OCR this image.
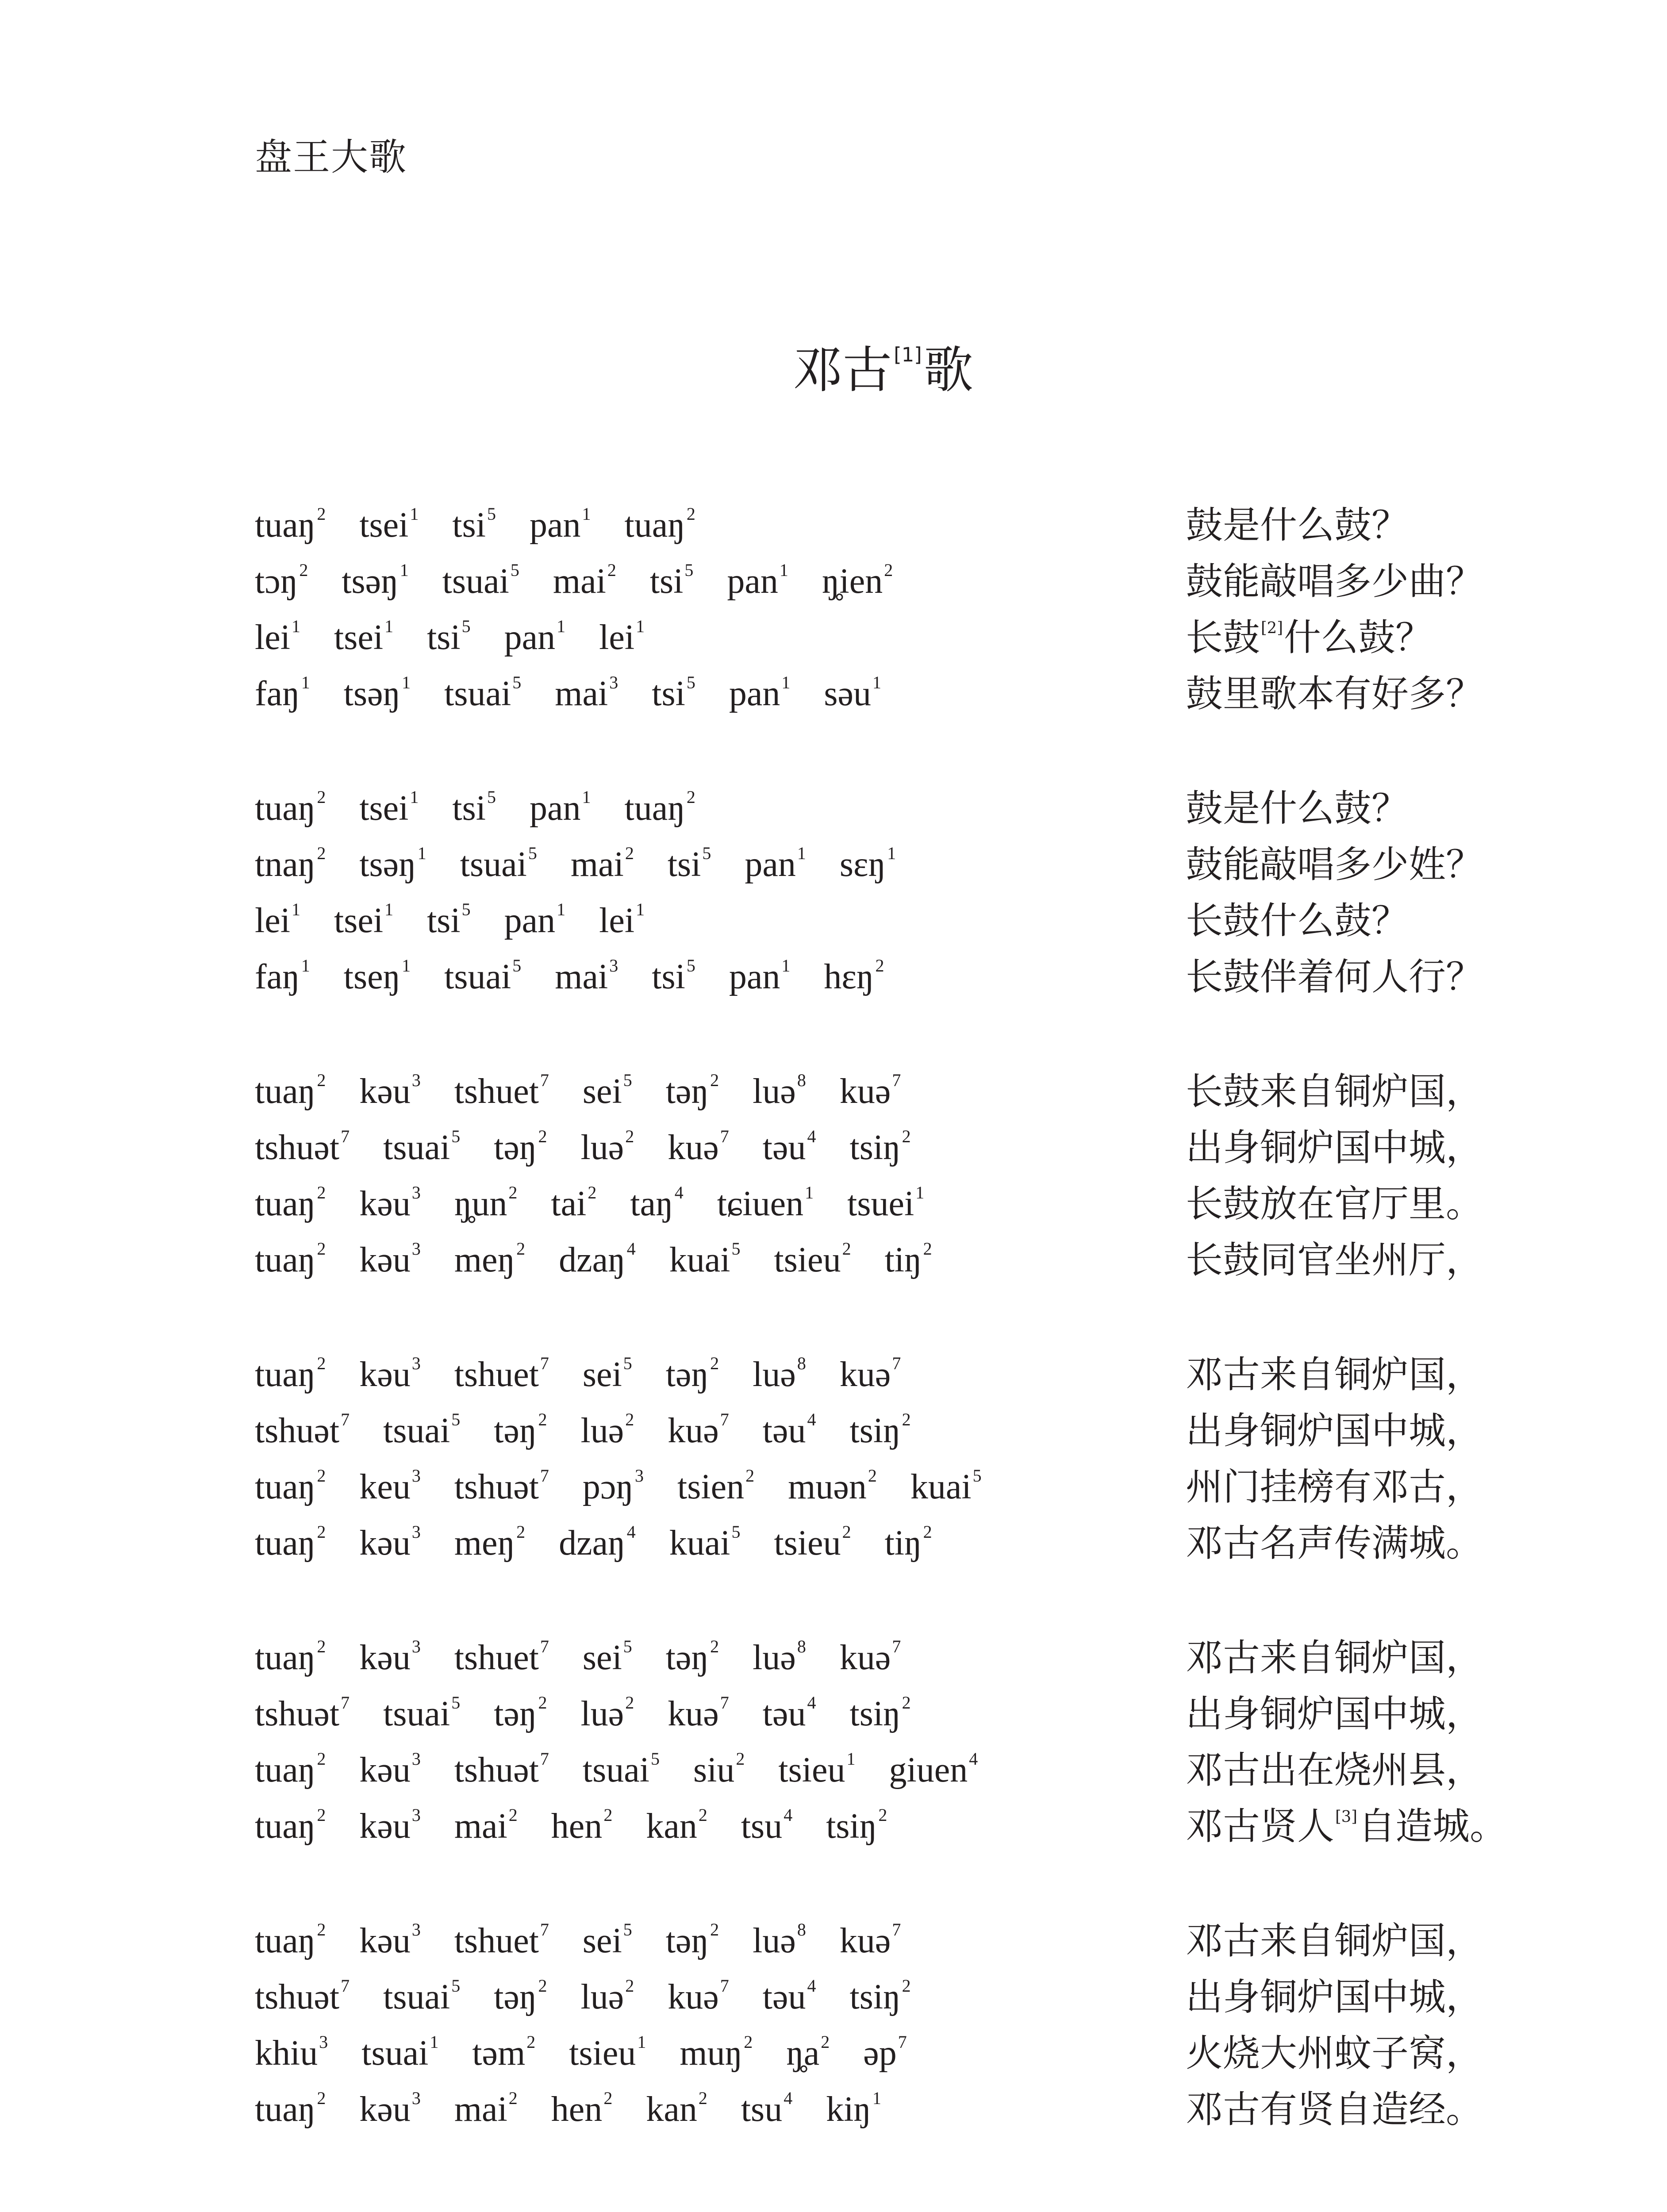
盘王大歌
邓古[1]歌
tuaŋ$^2$ tsei$^1$ tsi$^5$ pan$^1$ tuaŋ$^2$	鼓是什么鼓？
tɔŋ$^2$ tsəŋ$^1$ tsuai$^5$ mai$^2$ tsi$^5$ pan$^1$ ŋ̥ien$^2$	鼓能敲唱多少曲？
lei$^1$ tsei$^1$ tsi$^5$ pan$^1$ lei$^1$	长鼓[2]什么鼓？
faŋ$^1$ tsəŋ$^1$ tsuai$^5$ mai$^3$ tsi$^5$ pan$^1$ səu$^1$	鼓里歌本有好多？
tuaŋ$^2$ tsei$^1$ tsi$^5$ pan$^1$ tuaŋ$^2$	鼓是什么鼓？
tnaŋ$^2$ tsəŋ$^1$ tsuai$^5$ mai$^2$ tsi$^5$ pan$^1$ sɛŋ$^1$	鼓能敲唱多少姓？
lei$^1$ tsei$^1$ tsi$^5$ pan$^1$ lei$^1$	长鼓什么鼓？
faŋ$^1$ tseŋ$^1$ tsuai$^5$ mai$^3$ tsi$^5$ pan$^1$ hɛŋ$^2$	长鼓伴着何人行？
tuaŋ$^2$ kəu$^3$ tshuet$^7$ sei$^5$ təŋ$^2$ luə$^8$ kuə$^7$	长鼓来自铜炉国，
tshuət$^7$ tsuai$^5$ təŋ$^2$ luə$^2$ kuə$^7$ təu$^4$ tsiŋ$^2$	出身铜炉国中城，
tuaŋ$^2$ kəu$^3$ $ŋ̥un^2$ tai$^2$ taŋ$^4$ tɕiuen$^1$ tsuei$^1$	长鼓放在官厅里。
tuaŋ$^2$ kəu$^3$ meŋ$^2$ dzaŋ$^4$ kuai$^5$ tsieu$^2$ tiŋ$^2$	长鼓同官坐州厅，
tuaŋ$^2$ kəu$^3$ tshuet$^7$ sei$^5$ təŋ$^2$ luə$^8$ kuə$^7$	邓古来自铜炉国，
tshuət$^7$ tsuai$^5$ təŋ$^2$ luə$^2$ kuə$^7$ təu$^4$ tsiŋ$^2$	出身铜炉国中城，
tuaŋ$^2$ keu$^3$ tshuət$^7$ pɔŋ$^3$ tsien$^2$ muən$^2$ kuai$^5$	州门挂榜有邓古，
tuaŋ$^2$ kəu$^3$ meŋ$^2$ dzaŋ$^4$ kuai$^5$ tsieu$^2$ tiŋ$^2$	邓古名声传满城。
tuaŋ$^2$ kəu$^3$ tshuet$^7$ sei$^5$ təŋ$^2$ luə$^8$ kuə$^7$	邓古来自铜炉国，
tshuət$^7$ tsuai$^5$ təŋ$^2$ luə$^2$ kuə$^7$ təu$^4$ tsiŋ$^2$	出身铜炉国中城，
tuaŋ$^2$ kəu$^3$ tshuət$^7$ tsuai$^5$ siu$^2$ tsieu$^1$ giuen$^4$	邓古出在烧州县，
tuaŋ$^2$ kəu$^3$ mai$^2$ hen$^2$ kan$^2$ tsu$^4$ tsiŋ$^2$	邓古贤人[3]自造城。
tuaŋ$^2$ kəu$^3$ tshuet$^7$ sei$^5$ təŋ$^2$ luə$^8$ kuə$^7$	邓古来自铜炉国，
tshuət$^7$ tsuai$^5$ təŋ$^2$ luə$^2$ kuə$^7$ təu$^4$ tsiŋ$^2$	出身铜炉国中城，
khiu$^3$ tsuai$^1$ təm$^2$ tsieu$^1$ muŋ$^2$ $ŋ̥a^2$ əp$^7$	火烧大州蚊子窝，
tuaŋ$^2$ kəu$^3$ mai$^2$ hen$^2$ kan$^2$ tsu$^4$ kiŋ$^1$	邓古有贤自造经。
